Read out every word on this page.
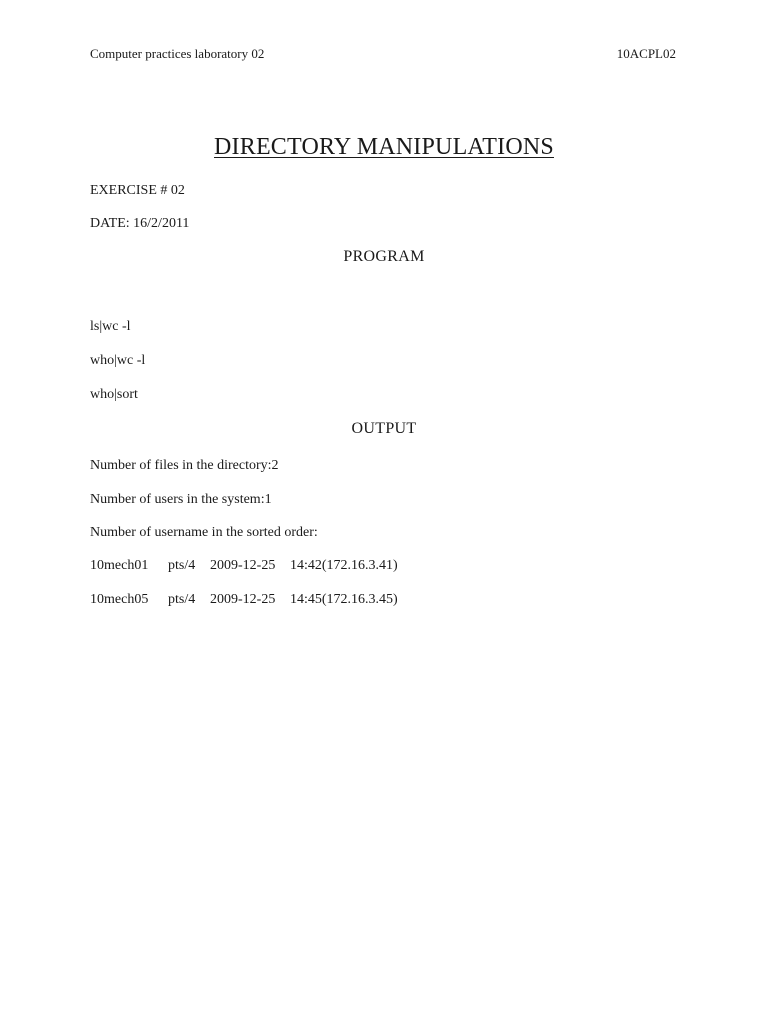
Computer practices laboratory 02	10ACPL02
DIRECTORY MANIPULATIONS
EXERCISE # 02
DATE: 16/2/2011
PROGRAM
ls|wc -l
who|wc -l
who|sort
OUTPUT
Number of files in the directory:2
Number of users in the system:1
Number of username in the sorted order:
10mech01 pts/4 2009-12-25 14:42(172.16.3.41)
10mech05 pts/4 2009-12-25 14:45(172.16.3.45)
